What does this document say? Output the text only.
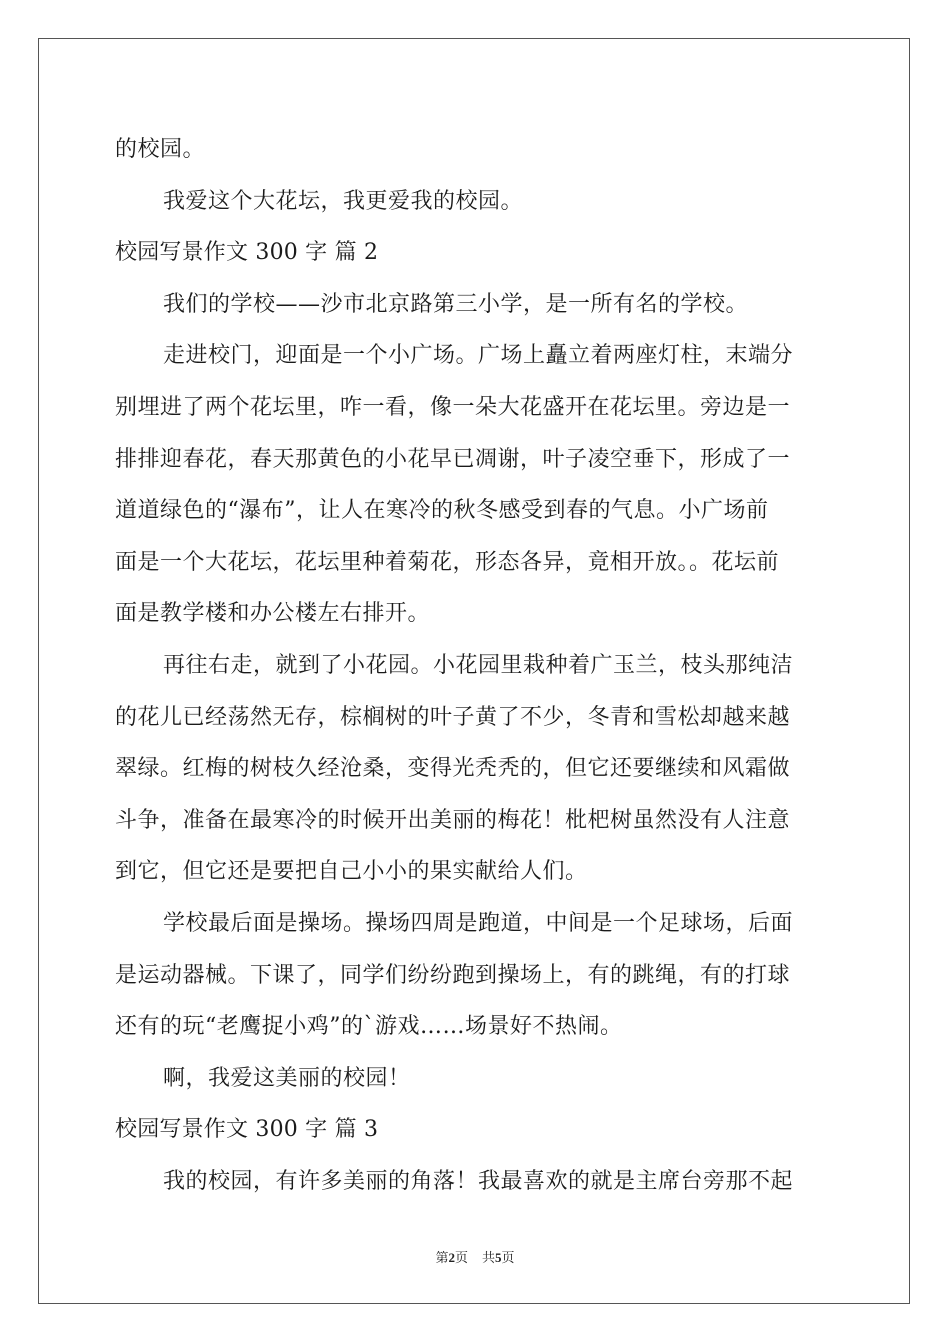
的校园。
我爱这个大花坛，我更爱我的校园。
校园写景作文 300 字 篇 2
我们的学校——沙市北京路第三小学，是一所有名的学校。
走进校门，迎面是一个小广场。广场上矗立着两座灯柱，末端分
别埋进了两个花坛里，咋一看，像一朵大花盛开在花坛里。旁边是一
排排迎春花，春天那黄色的小花早已凋谢，叶子凌空垂下，形成了一
道道绿色的“瀑布”，让人在寒冷的秋冬感受到春的气息。小广场前
面是一个大花坛，花坛里种着菊花，形态各异，竟相开放。。花坛前
面是教学楼和办公楼左右排开。
再往右走，就到了小花园。小花园里栽种着广玉兰，枝头那纯洁
的花儿已经荡然无存，棕榈树的叶子黄了不少，冬青和雪松却越来越
翠绿。红梅的树枝久经沧桑，变得光秃秃的，但它还要继续和风霜做
斗争，准备在最寒冷的时候开出美丽的梅花！枇杷树虽然没有人注意
到它，但它还是要把自己小小的果实献给人们。
学校最后面是操场。操场四周是跑道，中间是一个足球场，后面
是运动器械。下课了，同学们纷纷跑到操场上，有的跳绳，有的打球
还有的玩“老鹰捉小鸡”的`游戏……场景好不热闹。
啊，我爱这美丽的校园！
校园写景作文 300 字 篇 3
我的校园，有许多美丽的角落！我最喜欢的就是主席台旁那不起
第2页 共5页
